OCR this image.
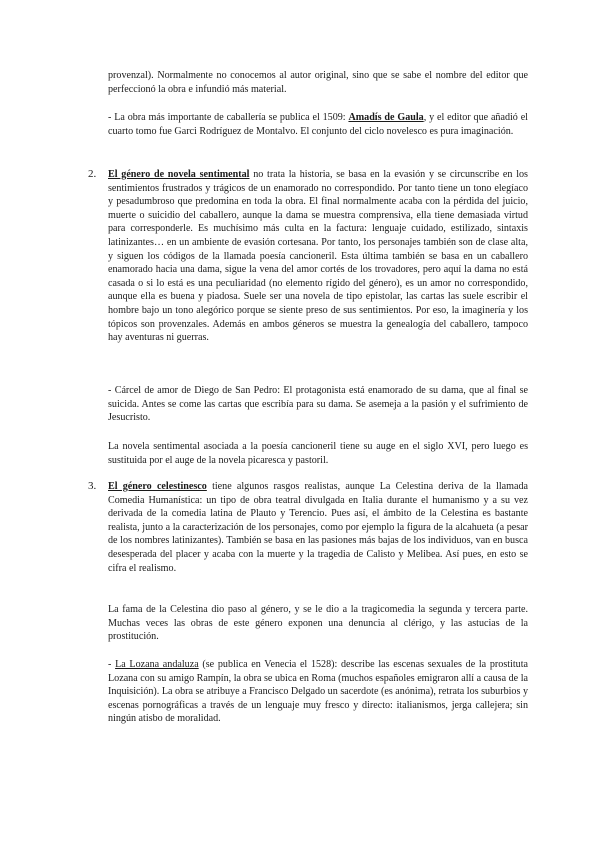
provenzal). Normalmente no conocemos al autor original, sino que se sabe el nombre del editor que perfeccionó la obra e infundió más material.

- La obra más importante de caballería se publica el 1509: Amadís de Gaula, y el editor que añadió el cuarto tomo fue Garci Rodríguez de Montalvo. El conjunto del ciclo novelesco es pura imaginación.

2. El género de novela sentimental no trata la historia, se basa en la evasión y se circunscribe en los sentimientos frustrados y trágicos de un enamorado no correspondido. Por tanto tiene un tono elegíaco y pesadumbroso que predomina en toda la obra. El final normalmente acaba con la pérdida del juicio, muerte o suicidio del caballero, aunque la dama se muestra comprensiva, ella tiene demasiada virtud para corresponderle. Es muchísimo más culta en la factura: lenguaje cuidado, estilizado, sintaxis latinizantes… en un ambiente de evasión cortesana. Por tanto, los personajes también son de clase alta, y siguen los códigos de la llamada poesía cancioneril. Esta última también se basa en un caballero enamorado hacia una dama, sigue la vena del amor cortés de los trovadores, pero aquí la dama no está casada o si lo está es una peculiaridad (no elemento rígido del género), es un amor no correspondido, aunque ella es buena y piadosa. Suele ser una novela de tipo epistolar, las cartas las suele escribir el hombre bajo un tono alegórico porque se siente preso de sus sentimientos. Por eso, la imaginería y los tópicos son provenzales. Además en ambos géneros se muestra la genealogía del caballero, tampoco hay aventuras ni guerras.

- Cárcel de amor de Diego de San Pedro: El protagonista está enamorado de su dama, que al final se suicida. Antes se come las cartas que escribía para su dama. Se asemeja a la pasión y el sufrimiento de Jesucristo.

La novela sentimental asociada a la poesía cancioneril tiene su auge en el siglo XVI, pero luego es sustituida por el auge de la novela picaresca y pastoril.

3. El género celestinesco tiene algunos rasgos realistas, aunque La Celestina deriva de la llamada Comedia Humanística: un tipo de obra teatral divulgada en Italia durante el humanismo y a su vez derivada de la comedia latina de Plauto y Terencio. Pues así, el ámbito de la Celestina es bastante realista, junto a la caracterización de los personajes, como por ejemplo la figura de la alcahueta (a pesar de los nombres latinizantes). También se basa en las pasiones más bajas de los individuos, van en busca desesperada del placer y acaba con la muerte y la tragedia de Calisto y Melibea. Así pues, en esto se cifra el realismo.

La fama de la Celestina dio paso al género, y se le dio a la tragicomedia la segunda y tercera parte. Muchas veces las obras de este género exponen una denuncia al clérigo, y las astucias de la prostitución.

- La Lozana andaluza (se publica en Venecia el 1528): describe las escenas sexuales de la prostituta Lozana con su amigo Rampín, la obra se ubica en Roma (muchos españoles emigraron allí a causa de la Inquisición). La obra se atribuye a Francisco Delgado un sacerdote (es anónima), retrata los suburbios y escenas pornográficas a través de un lenguaje muy fresco y directo: italianismos, jerga callejera; sin ningún atisbo de moralidad.
